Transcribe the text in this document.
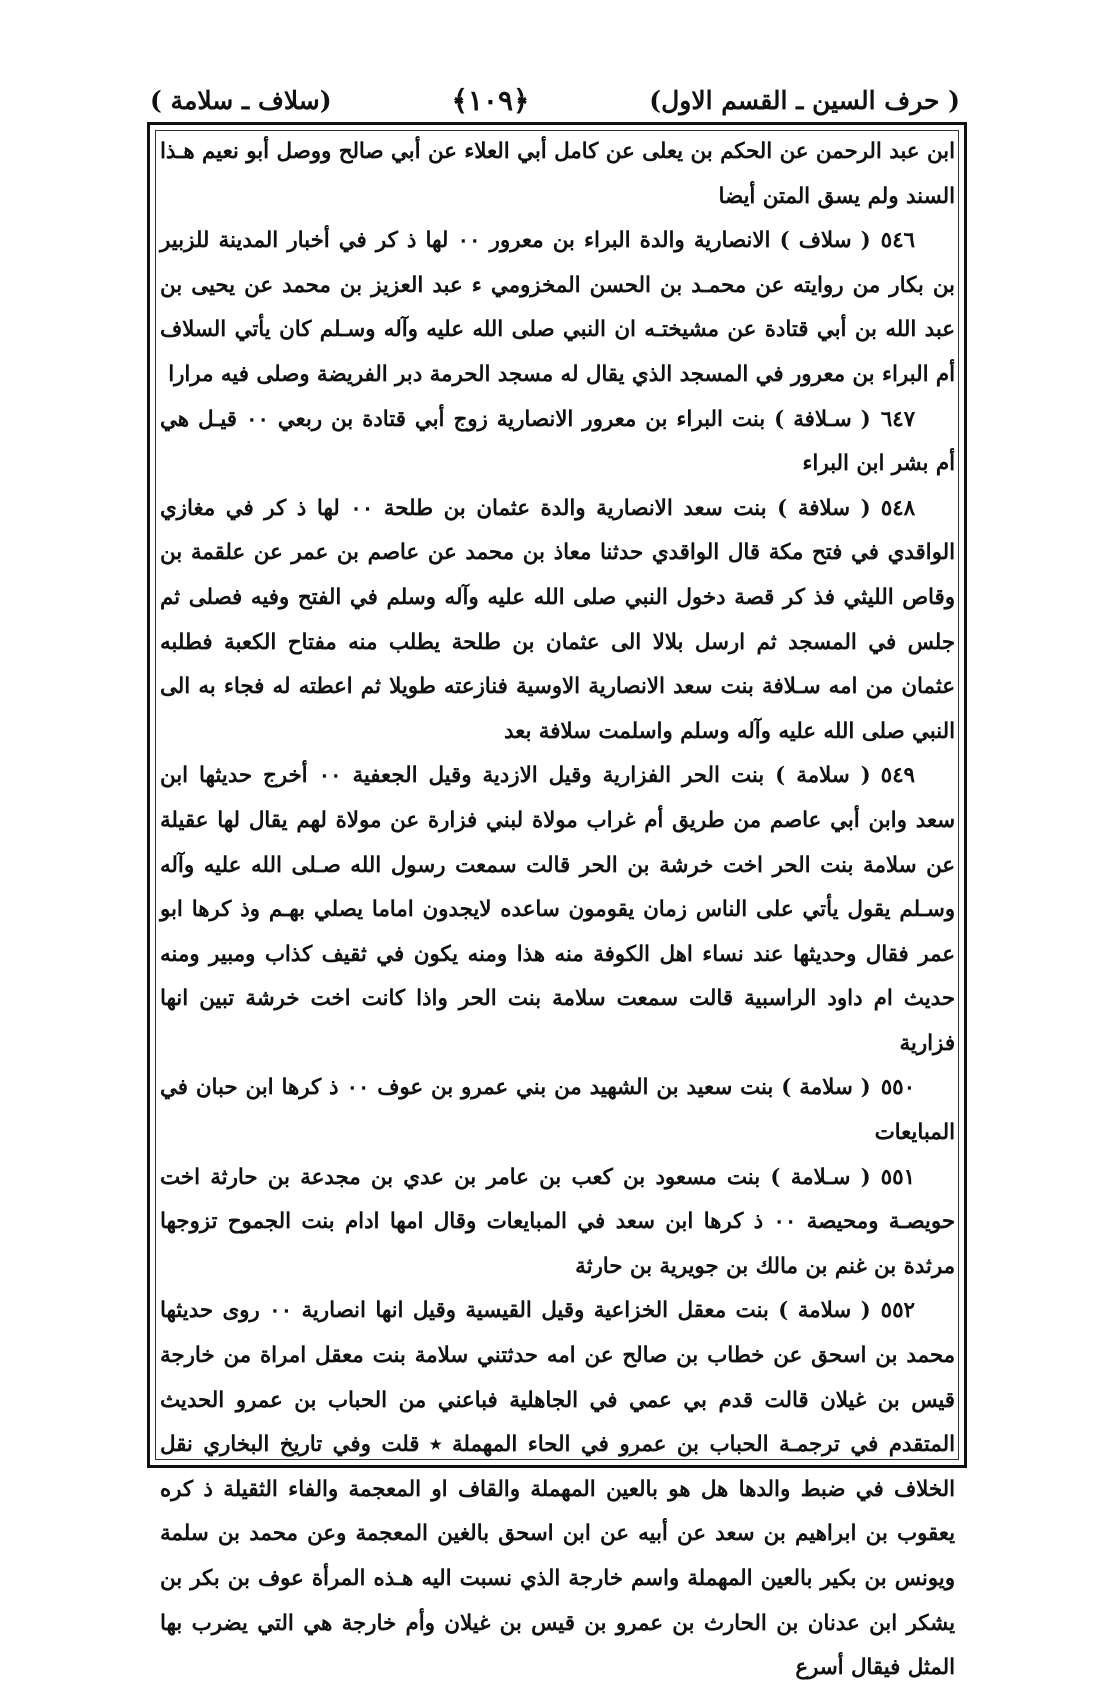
( حرف السين ـ القسم الاول)
﴿١٠٩﴾
(سلاف ـ سلامة )

ابن عبد الرحمن عن الحكم بن يعلى عن كامل أبي العلاء عن أبي صالح ووصل أبو نعيم هـذا السند ولم يسق المتن أيضا

٥٤٦( سلاف ) الانصارية والدة البراء بن معرور ٠٠ لها ذ كر في أخبار المدينة للزبير بن بكار من روايته عن محمـد بن الحسن المخزومي ء عبد العزيز بن محمد عن يحيى بن عبد الله بن أبي قتادة عن مشيختـه ان النبي صلى الله عليه وآله وسـلم كان يأتي السلاف أم البراء بن معرور في المسجد الذي يقال له مسجد الحرمة دبر الفريضة وصلى فيه مرارا

٦٤٧( سـلافة ) بنت البراء بن معرور الانصارية زوج أبي قتادة بن ربعي ٠٠ قيـل هي أم بشر ابن البراء

٥٤٨( سلافة ) بنت سعد الانصارية والدة عثمان بن طلحة ٠٠ لها ذ كر في مغازي الواقدي في فتح مكة قال الواقدي حدثنا معاذ بن محمد عن عاصم بن عمر عن علقمة بن وقاص الليثي فذ كر قصة دخول النبي صلى الله عليه وآله وسلم في الفتح وفيه فصلى ثم جلس في المسجد ثم ارسل بلالا الى عثمان بن طلحة يطلب منه مفتاح الكعبة فطلبه عثمان من امه سـلافة بنت سعد الانصارية الاوسية فنازعته طويلا ثم اعطته له فجاء به الى النبي صلى الله عليه وآله وسلم واسلمت سلافة بعد

٥٤٩( سلامة ) بنت الحر الفزارية وقيل الازدية وقيل الجعفية ٠٠ أخرج حديثها ابن سعد وابن أبي عاصم من طريق أم غراب مولاة لبني فزارة عن مولاة لهم يقال لها عقيلة عن سلامة بنت الحر اخت خرشة بن الحر قالت سمعت رسول الله صـلى الله عليه وآله وسـلم يقول يأتي على الناس زمان يقومون ساعده لايجدون اماما يصلي بهـم وذ كرها ابو عمر فقال وحديثها عند نساء اهل الكوفة منه هذا ومنه يكون في ثقيف كذاب ومبير ومنه حديث ام داود الراسبية قالت سمعت سلامة بنت الحر واذا كانت اخت خرشة تبين انها فزارية

٥٥٠( سلامة ) بنت سعيد بن الشهيد من بني عمرو بن عوف ٠٠ ذ كرها ابن حبان في المبايعات

٥٥١( سـلامة ) بنت مسعود بن كعب بن عامر بن عدي بن مجدعة بن حارثة اخت حويصـة ومحيصة ٠٠ ذ كرها ابن سعد في المبايعات وقال امها ادام بنت الجموح تزوجها مرثدة بن غنم بن مالك بن جويرية بن حارثة

٥٥٢( سلامة ) بنت معقل الخزاعية وقيل القيسية وقيل انها انصارية ٠٠ روى حديثها محمد بن اسحق عن خطاب بن صالح عن امه حدثتني سلامة بنت معقل امراة من خارجة قيس بن غيلان قالت قدم بي عمي في الجاهلية فباعني من الحباب بن عمرو الحديث المتقدم في ترجمـة الحباب بن عمرو في الحاء المهملة ٭ قلت وفي تاريخ البخاري نقل الخلاف في ضبط والدها هل هو بالعين المهملة والقاف او المعجمة والفاء الثقيلة ذ كره يعقوب بن ابراهيم بن سعد عن أبيه عن ابن اسحق بالغين المعجمة وعن محمد بن سلمة ويونس بن بكير بالعين المهملة واسم خارجة الذي نسبت اليه هـذه المرأة عوف بن بكر بن يشكر ابن عدنان بن الحارث بن عمرو بن قيس بن غيلان وأم خارجة هي التي يضرب بها المثل فيقال أسرع
